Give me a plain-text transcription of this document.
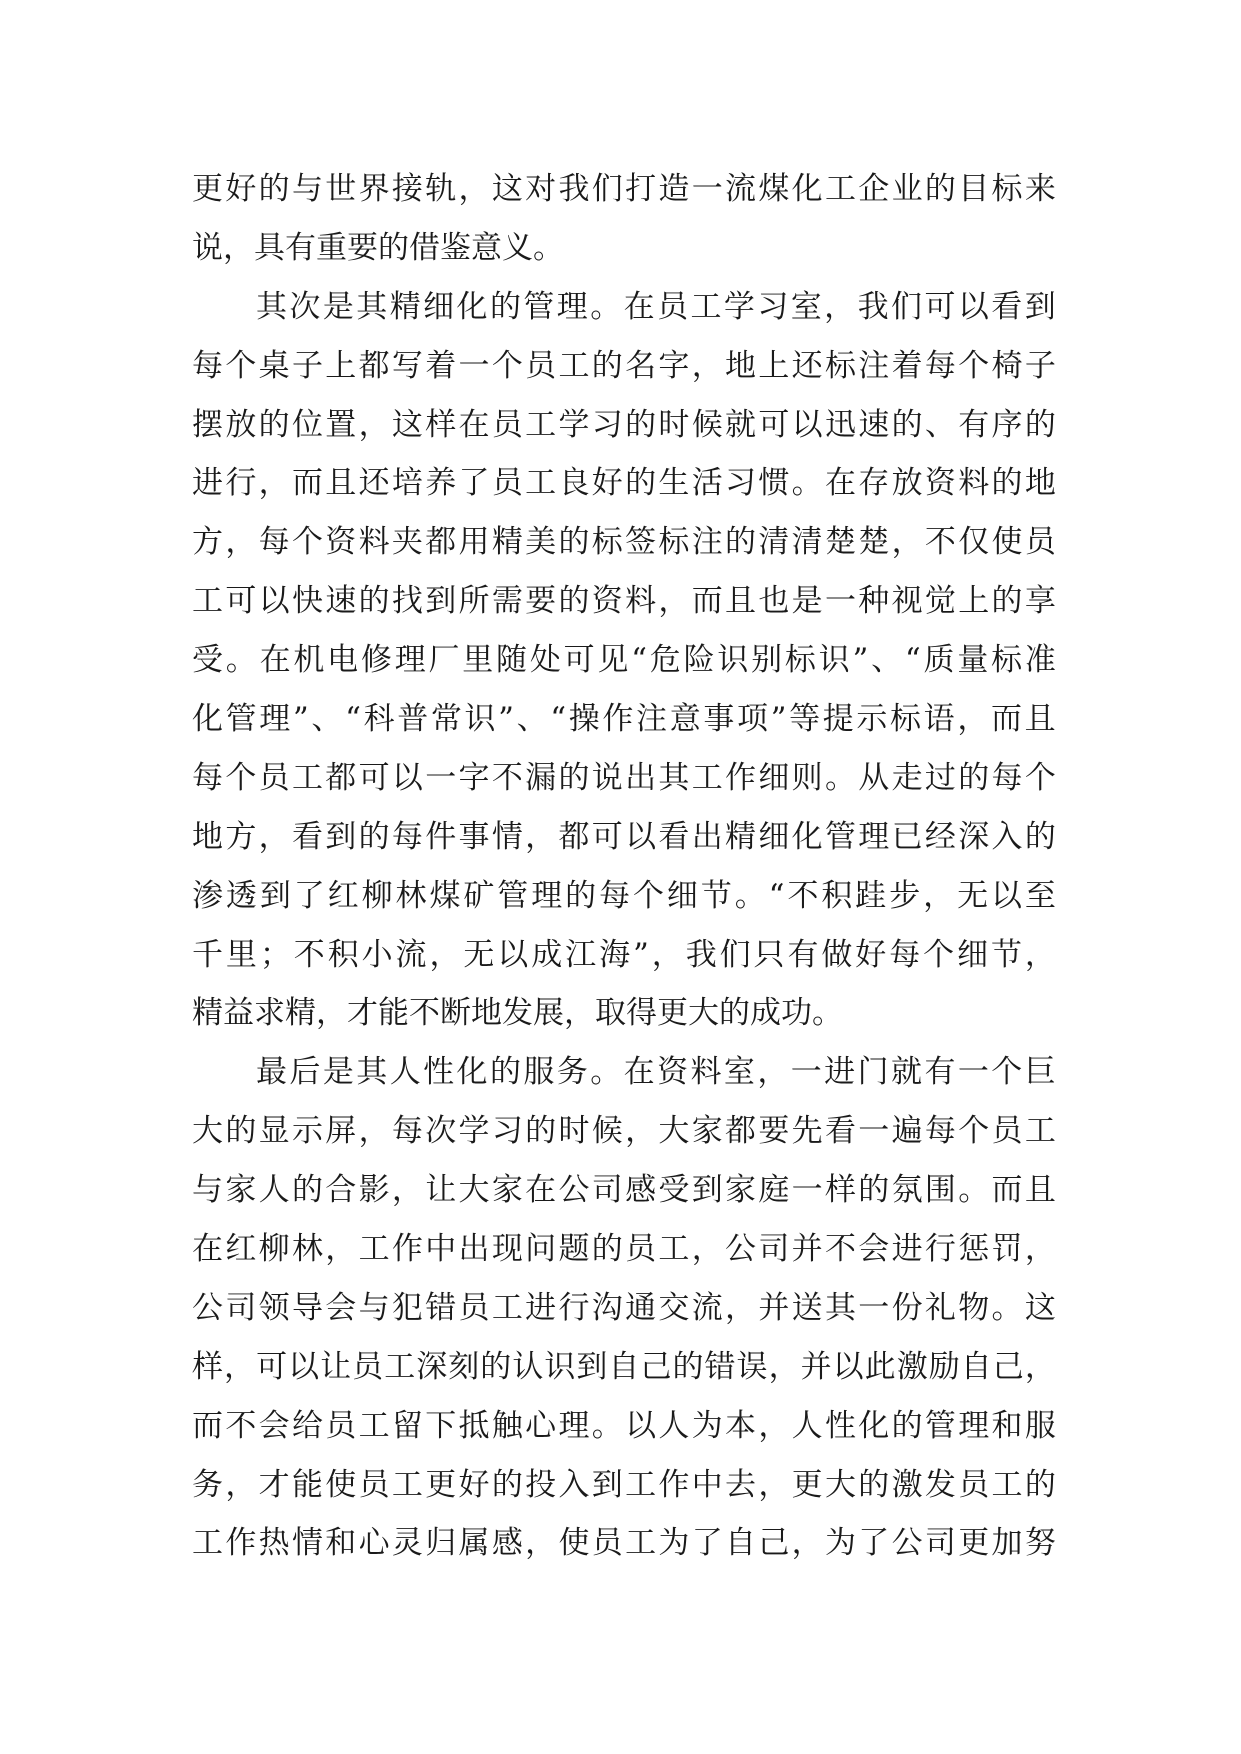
更 好 的 与 世 界 接 轨 ， 这 对 我 们 打 造 一 流 煤 化 工 企 业 的 目 标 来
说，具有重要的借鉴意义。
其 次 是 其 精 细 化 的 管 理 。 在 员 工 学 习 室 ， 我 们 可 以 看 到
每 个 桌 子 上 都 写 着 一 个 员 工 的 名 字 ， 地 上 还 标 注 着 每 个 椅 子
摆 放 的 位 置 ， 这 样 在 员 工 学 习 的 时 候 就 可 以 迅 速 的 、 有 序 的
进 行 ， 而 且 还 培 养 了 员 工 良 好 的 生 活 习 惯 。 在 存 放 资 料 的 地
方 ， 每 个 资 料 夹 都 用 精 美 的 标 签 标 注 的 清 清 楚 楚 ， 不 仅 使 员
工 可 以 快 速 的 找 到 所 需 要 的 资 料 ， 而 且 也 是 一 种 视 觉 上 的 享
受 。 在 机 电 修 理 厂 里 随 处 可 见 “ 危 险 识 别 标 识 ” 、 “ 质 量 标 准
化 管 理 ” 、 “ 科 普 常 识 ” 、 “ 操 作 注 意 事 项 ” 等 提 示 标 语 ， 而 且
每 个 员 工 都 可 以 一 字 不 漏 的 说 出 其 工 作 细 则 。 从 走 过 的 每 个
地 方 ， 看 到 的 每 件 事 情 ， 都 可 以 看 出 精 细 化 管 理 已 经 深 入 的
渗 透 到 了 红 柳 林 煤 矿 管 理 的 每 个 细 节 。 “ 不 积 跬 步 ， 无 以 至
千 里 ； 不 积 小 流 ， 无 以 成 江 海 ” ， 我 们 只 有 做 好 每 个 细 节 ，
精益求精，才能不断地发展，取得更大的成功。
最 后 是 其 人 性 化 的 服 务 。 在 资 料 室 ， 一 进 门 就 有 一 个 巨
大 的 显 示 屏 ， 每 次 学 习 的 时 候 ， 大 家 都 要 先 看 一 遍 每 个 员 工
与 家 人 的 合 影 ， 让 大 家 在 公 司 感 受 到 家 庭 一 样 的 氛 围 。 而 且
在 红 柳 林 ， 工 作 中 出 现 问 题 的 员 工 ， 公 司 并 不 会 进 行 惩 罚 ，
公 司 领 导 会 与 犯 错 员 工 进 行 沟 通 交 流 ， 并 送 其 一 份 礼 物 。 这
样 ， 可 以 让 员 工 深 刻 的 认 识 到 自 己 的 错 误 ， 并 以 此 激 励 自 己 ，
而 不 会 给 员 工 留 下 抵 触 心 理 。 以 人 为 本 ， 人 性 化 的 管 理 和 服
务 ， 才 能 使 员 工 更 好 的 投 入 到 工 作 中 去 ， 更 大 的 激 发 员 工 的
工 作 热 情 和 心 灵 归 属 感 ， 使 员 工 为 了 自 己 ， 为 了 公 司 更 加 努
